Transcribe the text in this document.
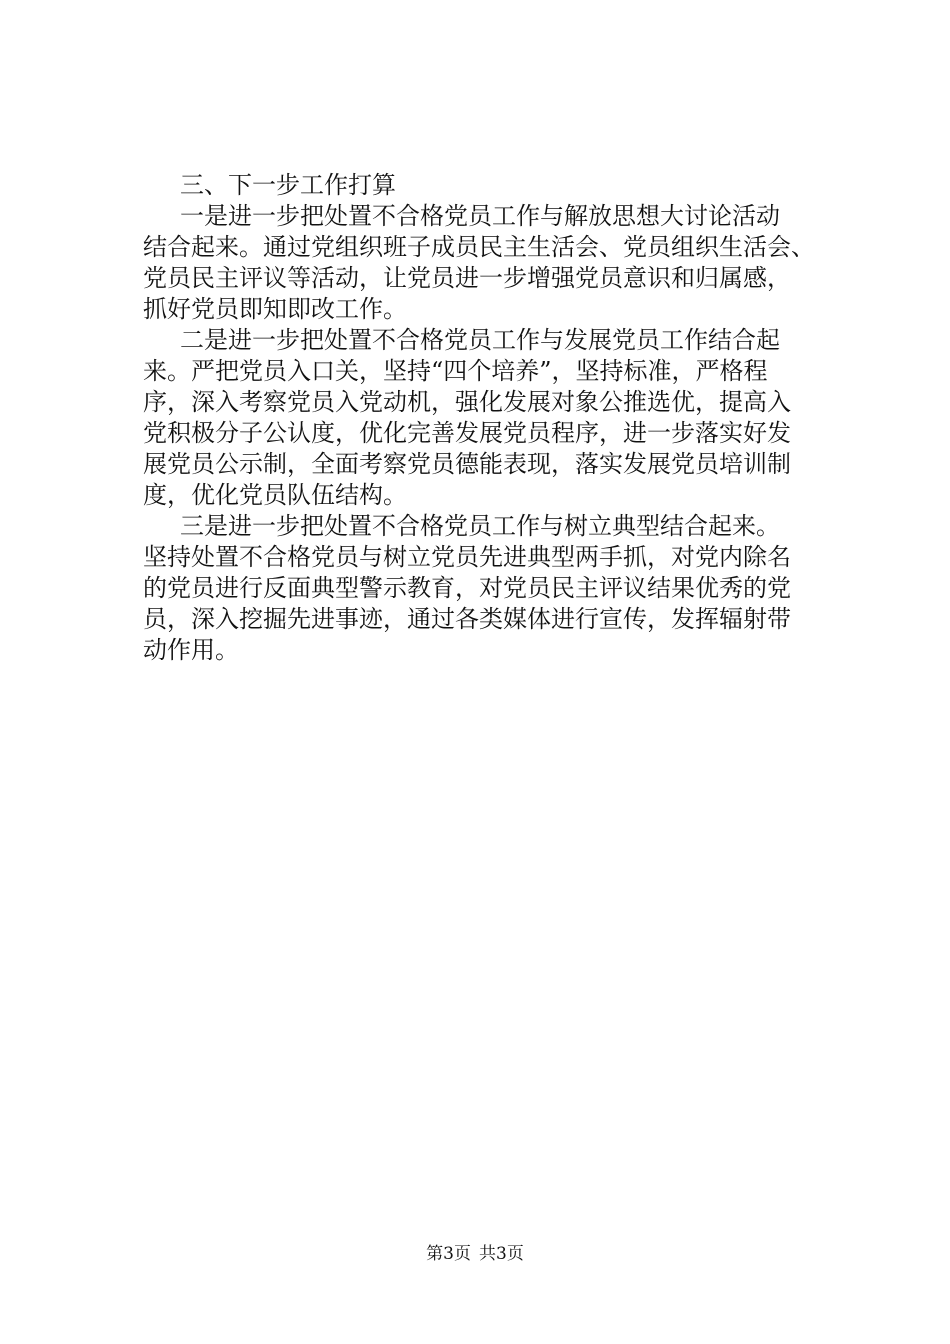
三、下一步工作打算
一是进一步把处置不合格党员工作与解放思想大讨论活动
结合起来。通过党组织班子成员民主生活会、党员组织生活会、
党员民主评议等活动，让党员进一步增强党员意识和归属感，
抓好党员即知即改工作。
二是进一步把处置不合格党员工作与发展党员工作结合起
来。严把党员入口关，坚持“四个培养”，坚持标准，严格程
序，深入考察党员入党动机，强化发展对象公推选优，提高入
党积极分子公认度，优化完善发展党员程序，进一步落实好发
展党员公示制，全面考察党员德能表现，落实发展党员培训制
度，优化党员队伍结构。
三是进一步把处置不合格党员工作与树立典型结合起来。
坚持处置不合格党员与树立党员先进典型两手抓，对党内除名
的党员进行反面典型警示教育，对党员民主评议结果优秀的党
员，深入挖掘先进事迹，通过各类媒体进行宣传，发挥辐射带
动作用。
第3页 共3页
